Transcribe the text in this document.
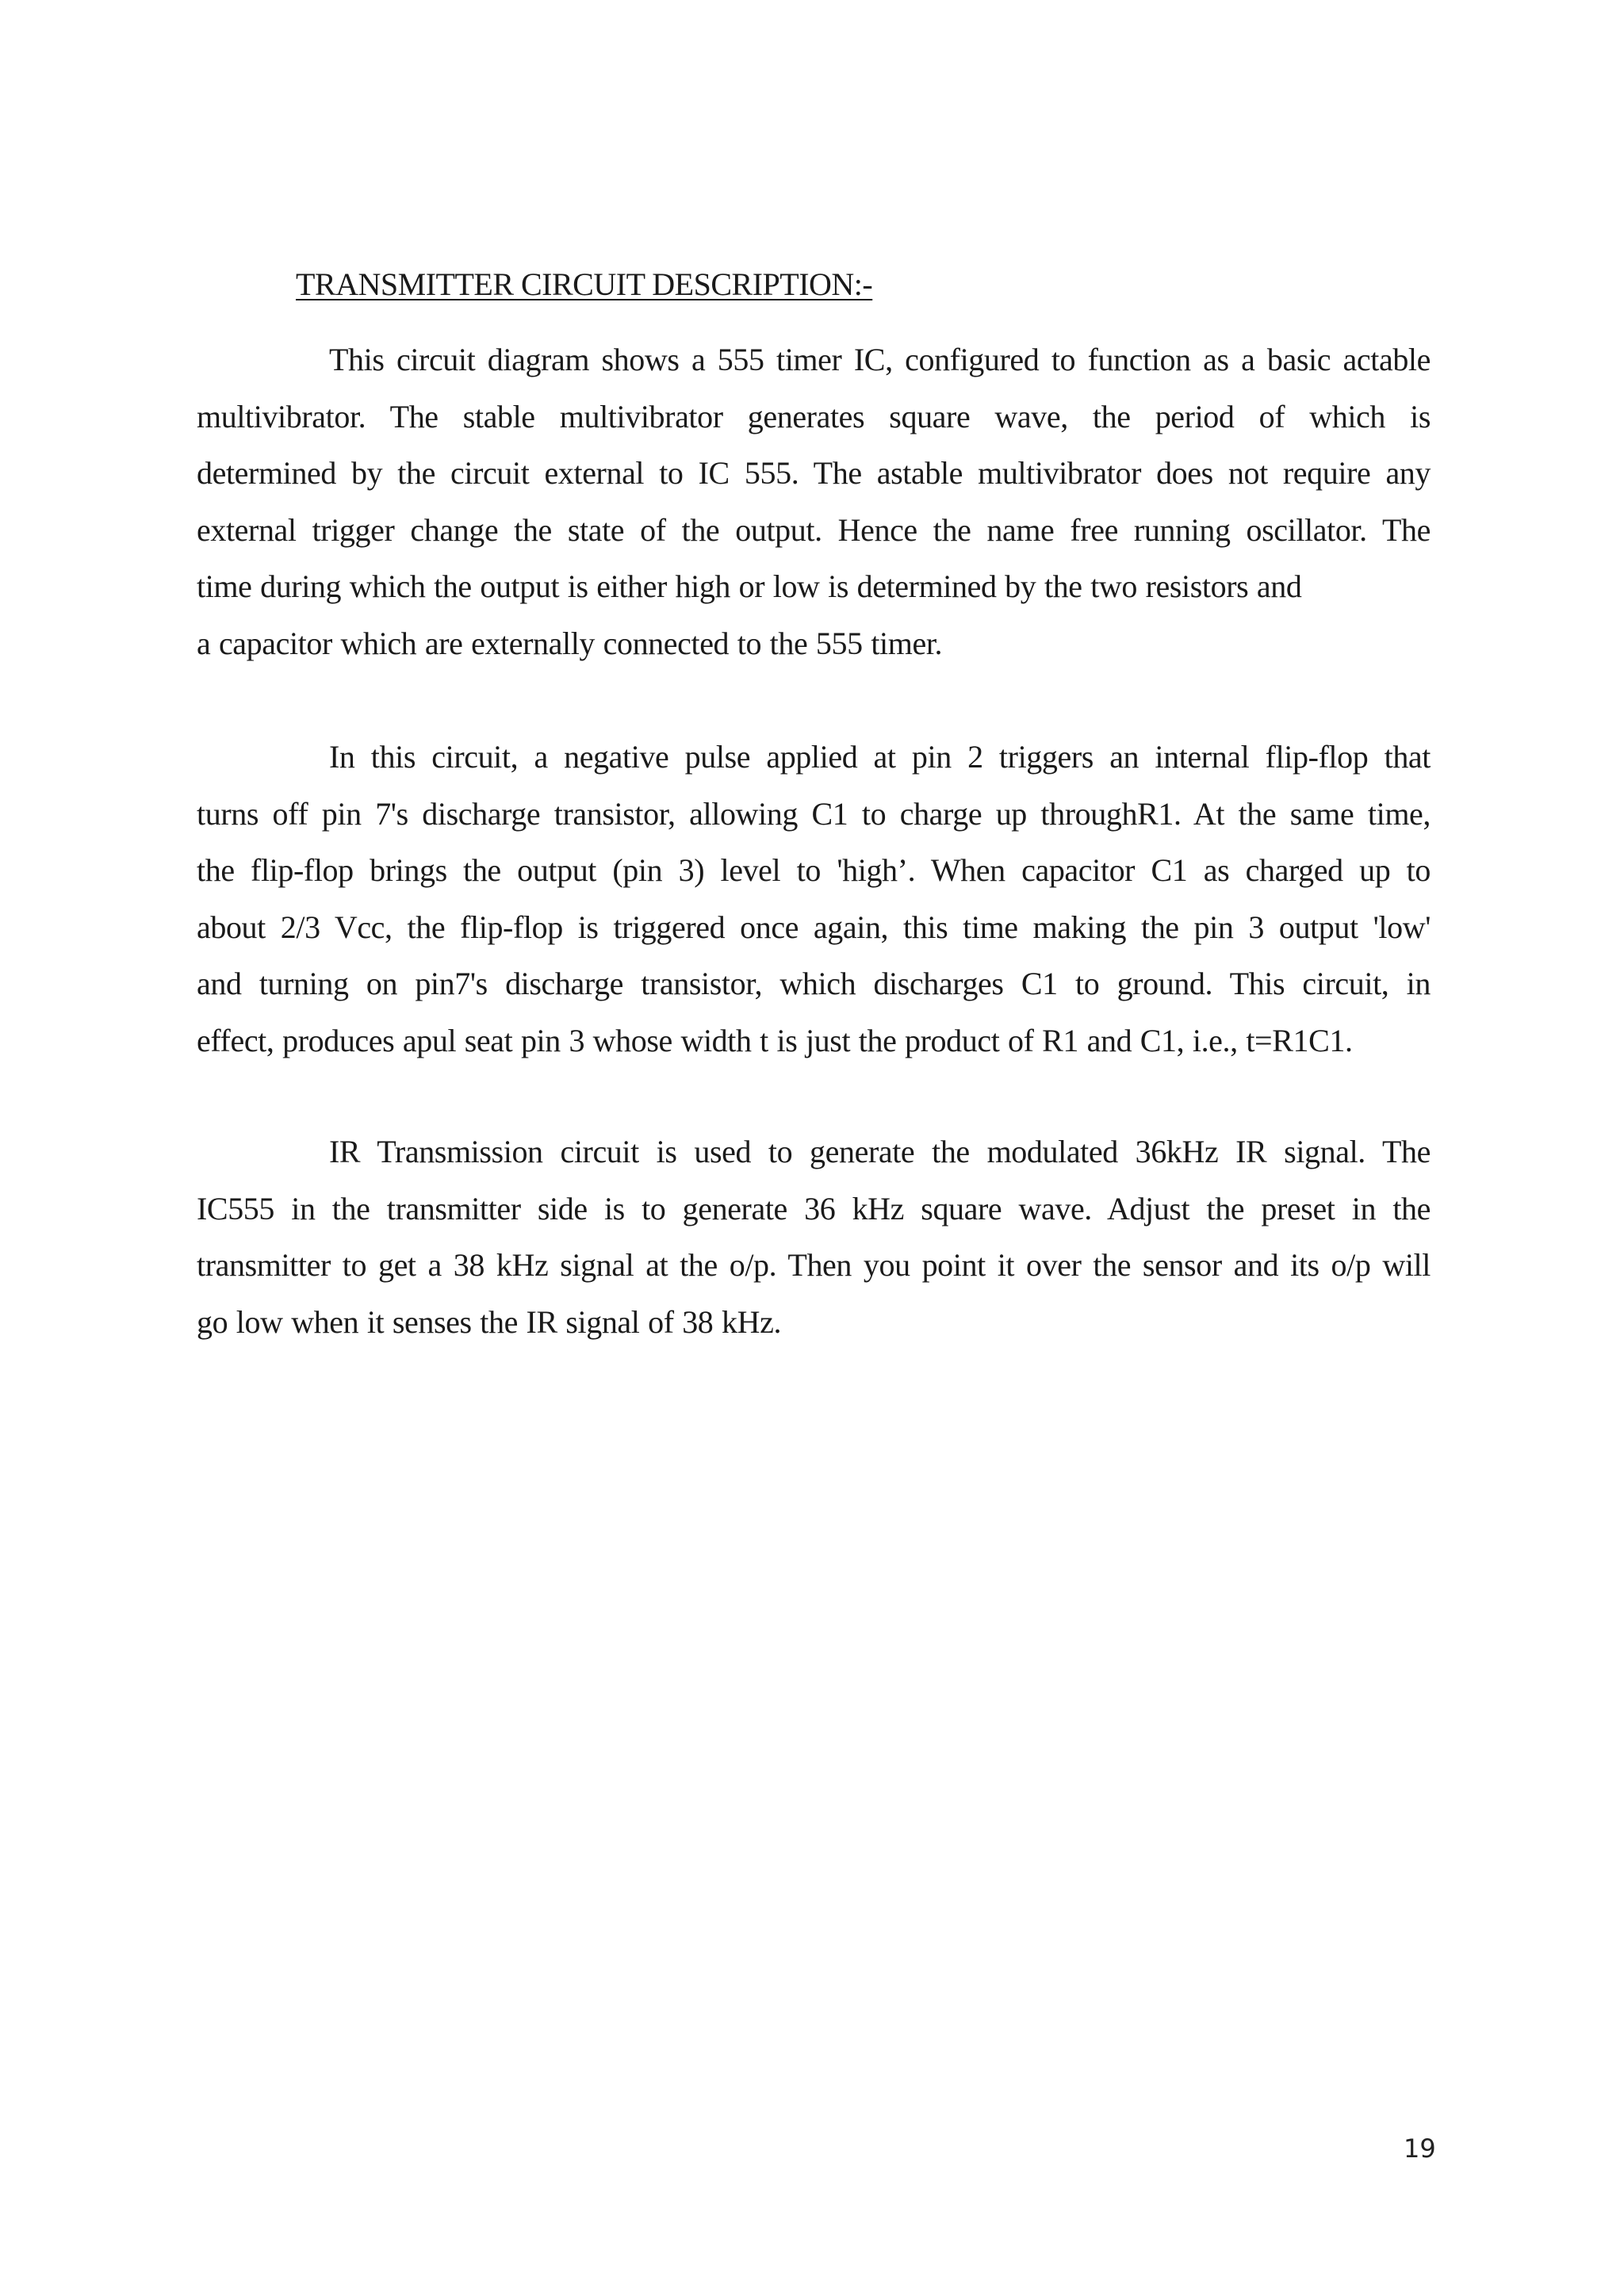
TRANSMITTER CIRCUIT DESCRIPTION:-

This circuit diagram shows a 555 timer IC, configured to function as a basic actable
multivibrator. The stable multivibrator generates square wave, the period of which is
determined by the circuit external to IC 555. The astable multivibrator does not require any
external trigger change the state of the output. Hence the name free running oscillator. The
time during which the output is either high or low is determined by the two resistors and
a capacitor which are externally connected to the 555 timer.

In this circuit, a negative pulse applied at pin 2 triggers an internal flip-flop that
turns off pin 7's discharge transistor, allowing C1 to charge up throughR1. At the same time,
the flip-flop brings the output (pin 3) level to 'high’. When capacitor C1 as charged up to
about 2/3 Vcc, the flip-flop is triggered once again, this time making the pin 3 output 'low'
and turning on pin7's discharge transistor, which discharges C1 to ground. This circuit, in
effect, produces apul seat pin 3 whose width t is just the product of R1 and C1, i.e., t=R1C1.

IR Transmission circuit is used to generate the modulated 36kHz IR signal. The
IC555 in the transmitter side is to generate 36 kHz square wave. Adjust the preset in the
transmitter to get a 38 kHz signal at the o/p. Then you point it over the sensor and its o/p will
go low when it senses the IR signal of 38 kHz.

19
